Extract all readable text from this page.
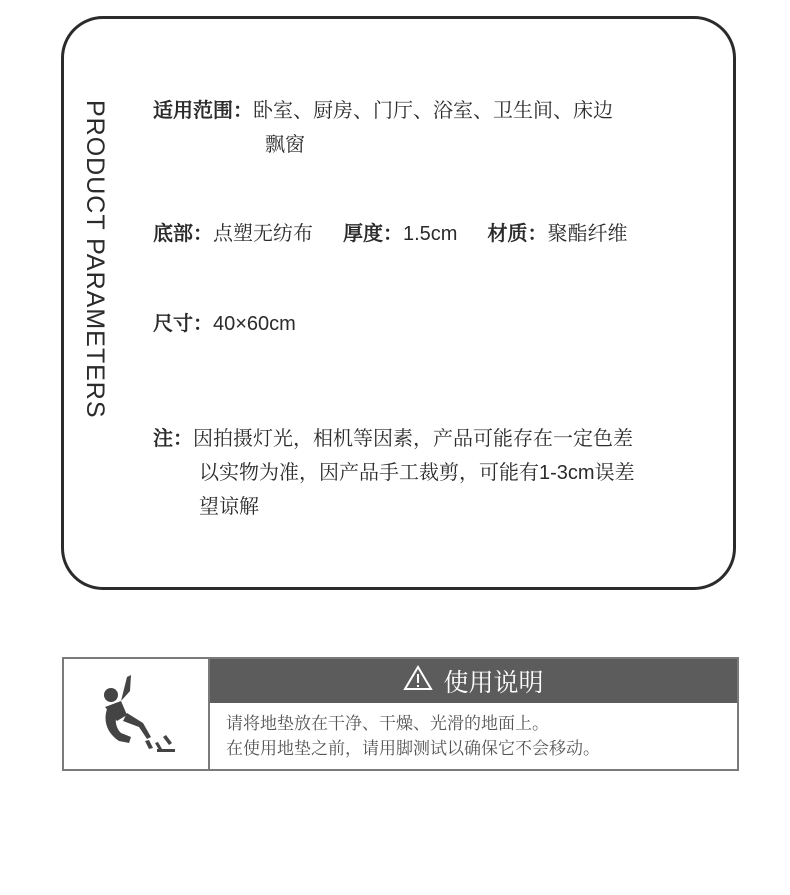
PRODUCT PARAMETERS 适用范围：卧室、厨房、门厅、浴室、卫生间、床边
飘窗
底部：点塑无纺布 厚度：1.5cm 材质：聚酯纤维
尺寸：40×60cm
注：因拍摄灯光，相机等因素，产品可能存在一定色差
以实物为准，因产品手工裁剪，可能有1-3cm误差
望谅解
使用说明
请将地垫放在干净、干燥、光滑的地面上。
在使用地垫之前，请用脚测试以确保它不会移动。
